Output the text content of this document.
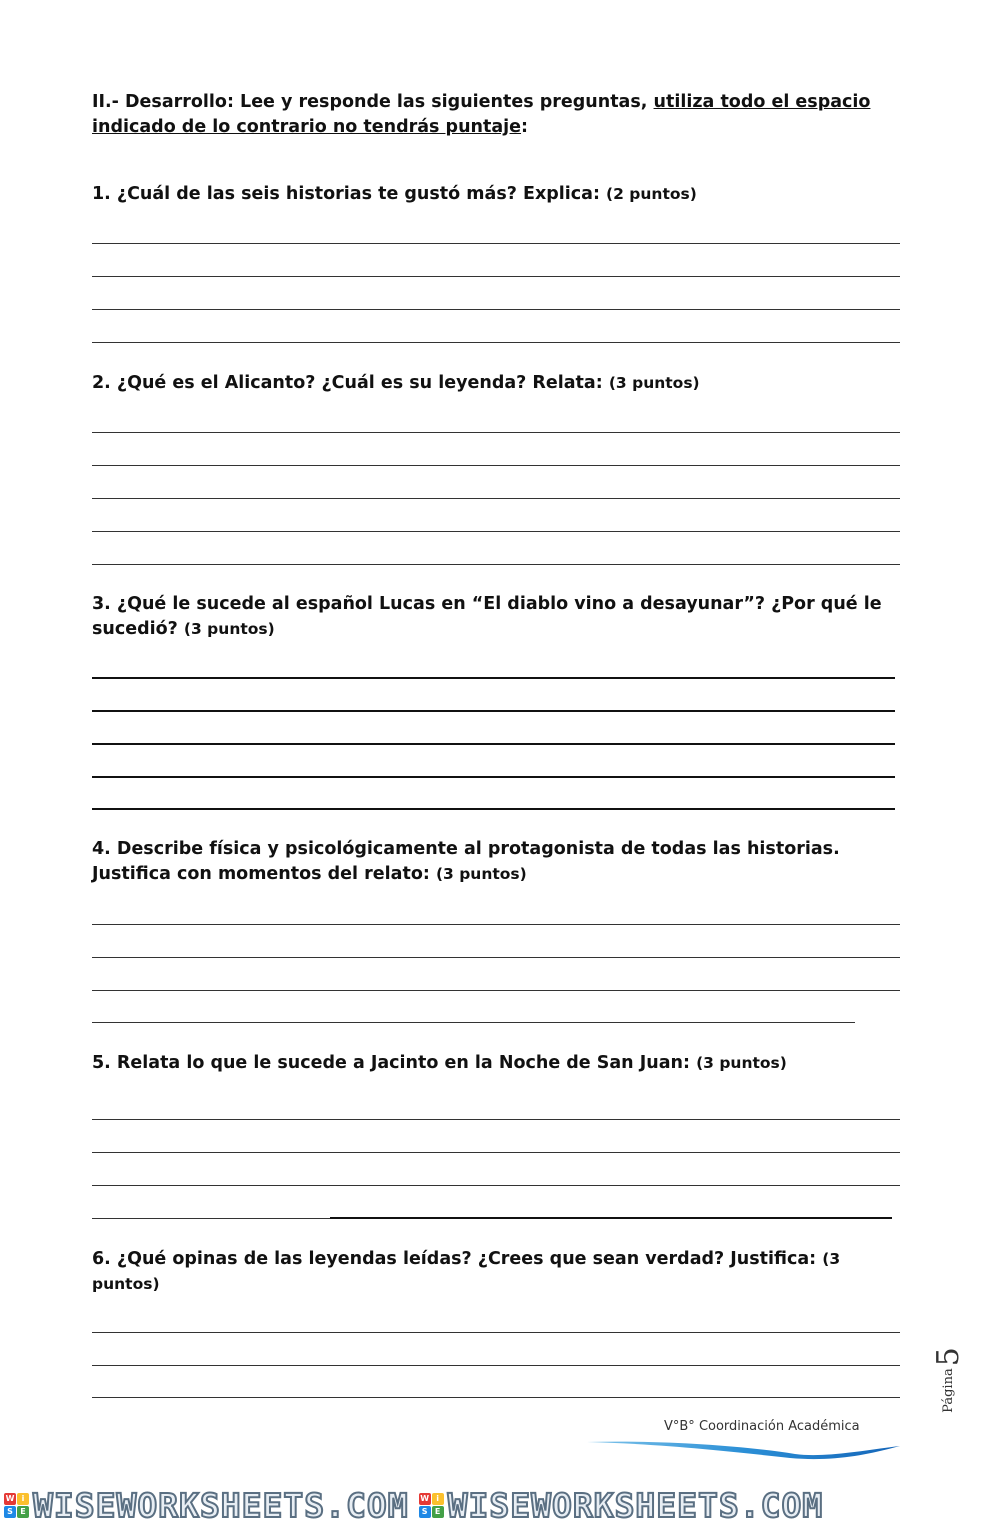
II.- Desarrollo: Lee y responde las siguientes preguntas, utiliza todo el espacio indicado de lo contrario no tendrás puntaje:
1. ¿Cuál de las seis historias te gustó más? Explica: (2 puntos)
2. ¿Qué es el Alicanto? ¿Cuál es su leyenda? Relata: (3 puntos)
3. ¿Qué le sucede al español Lucas en “El diablo vino a desayunar”? ¿Por qué le sucedió? (3 puntos)
4. Describe física y psicológicamente al protagonista de todas las historias. Justifica con momentos del relato: (3 puntos)
5. Relata lo que le sucede a Jacinto en la Noche de San Juan: (3 puntos)
6. ¿Qué opinas de las leyendas leídas? ¿Crees que sean verdad? Justifica: (3 puntos)
Página
5
V°B° Coordinación Académica
W i
S E WISEWORKSHEETS.COM W i
S E WISEWORKSHEETS.COM
